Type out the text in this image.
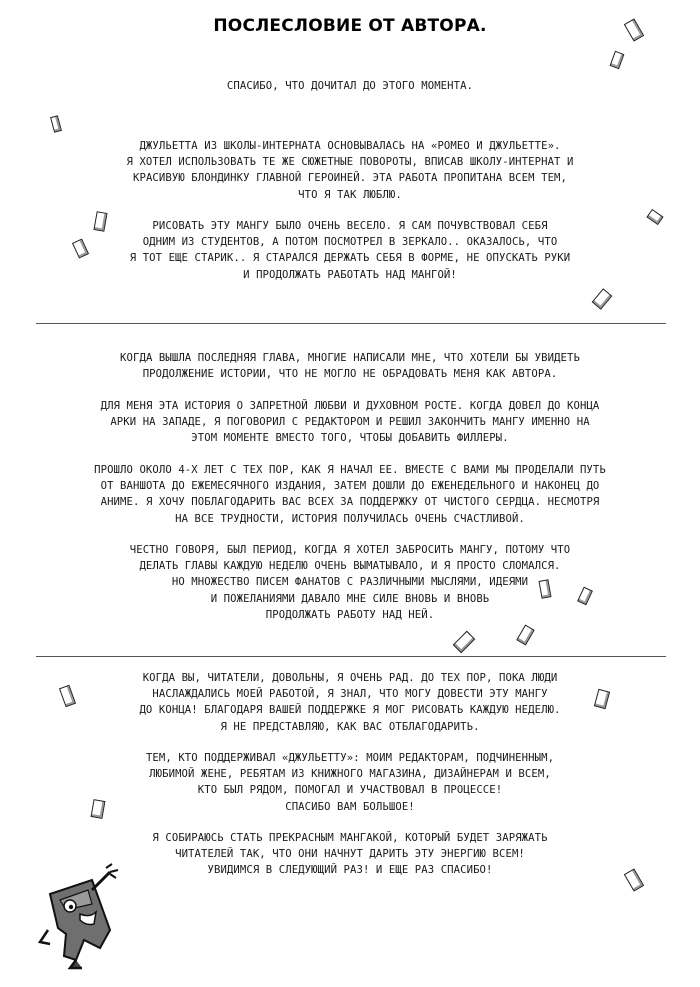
ПОСЛЕСЛОВИЕ ОТ АВТОРА.
СПАСИБО, ЧТО ДОЧИТАЛ ДО ЭТОГО МОМЕНТА.
ДЖУЛЬЕТТА ИЗ ШКОЛЫ-ИНТЕРНАТА ОСНОВЫВАЛАСЬ НА «РОМЕО И ДЖУЛЬЕТТЕ».
Я ХОТЕЛ ИСПОЛЬЗОВАТЬ ТЕ ЖЕ СЮЖЕТНЫЕ ПОВОРОТЫ, ВПИСАВ ШКОЛУ-ИНТЕРНАТ И
КРАСИВУЮ БЛОНДИНКУ ГЛАВНОЙ ГЕРОИНЕЙ. ЭТА РАБОТА ПРОПИТАНА ВСЕМ ТЕМ,
ЧТО Я ТАК ЛЮБЛЮ.
РИСОВАТЬ ЭТУ МАНГУ БЫЛО ОЧЕНЬ ВЕСЕЛО. Я САМ ПОЧУВСТВОВАЛ СЕБЯ
ОДНИМ ИЗ СТУДЕНТОВ, А ПОТОМ ПОСМОТРЕЛ В ЗЕРКАЛО.. ОКАЗАЛОСЬ, ЧТО
Я ТОТ ЕЩЕ СТАРИК.. Я СТАРАЛСЯ ДЕРЖАТЬ СЕБЯ В ФОРМЕ, НЕ ОПУСКАТЬ РУКИ
И ПРОДОЛЖАТЬ РАБОТАТЬ НАД МАНГОЙ!
КОГДА ВЫШЛА ПОСЛЕДНЯЯ ГЛАВА, МНОГИЕ НАПИСАЛИ МНЕ, ЧТО ХОТЕЛИ БЫ УВИДЕТЬ
ПРОДОЛЖЕНИЕ ИСТОРИИ, ЧТО НЕ МОГЛО НЕ ОБРАДОВАТЬ МЕНЯ КАК АВТОРА.
ДЛЯ МЕНЯ ЭТА ИСТОРИЯ О ЗАПРЕТНОЙ ЛЮБВИ И ДУХОВНОМ РОСТЕ. КОГДА ДОВЕЛ ДО КОНЦА
АРКИ НА ЗАПАДЕ, Я ПОГОВОРИЛ С РЕДАКТОРОМ И РЕШИЛ ЗАКОНЧИТЬ МАНГУ ИМЕННО НА
ЭТОМ МОМЕНТЕ ВМЕСТО ТОГО, ЧТОБЫ ДОБАВИТЬ ФИЛЛЕРЫ.
ПРОШЛО ОКОЛО 4-Х ЛЕТ С ТЕХ ПОР, КАК Я НАЧАЛ ЕЕ. ВМЕСТЕ С ВАМИ МЫ ПРОДЕЛАЛИ ПУТЬ
ОТ ВАНШОТА ДО ЕЖЕМЕСЯЧНОГО ИЗДАНИЯ, ЗАТЕМ ДОШЛИ ДО ЕЖЕНЕДЕЛЬНОГО И НАКОНЕЦ ДО
АНИМЕ. Я ХОЧУ ПОБЛАГОДАРИТЬ ВАС ВСЕХ ЗА ПОДДЕРЖКУ ОТ ЧИСТОГО СЕРДЦА. НЕСМОТРЯ
НА ВСЕ ТРУДНОСТИ, ИСТОРИЯ ПОЛУЧИЛАСЬ ОЧЕНЬ СЧАСТЛИВОЙ.
ЧЕСТНО ГОВОРЯ, БЫЛ ПЕРИОД, КОГДА Я ХОТЕЛ ЗАБРОСИТЬ МАНГУ, ПОТОМУ ЧТО
ДЕЛАТЬ ГЛАВЫ КАЖДУЮ НЕДЕЛЮ ОЧЕНЬ ВЫМАТЫВАЛО, И Я ПРОСТО СЛОМАЛСЯ.
НО МНОЖЕСТВО ПИСЕМ ФАНАТОВ С РАЗЛИЧНЫМИ МЫСЛЯМИ, ИДЕЯМИ
И ПОЖЕЛАНИЯМИ ДАВАЛО МНЕ СИЛЕ ВНОВЬ И ВНОВЬ
ПРОДОЛЖАТЬ РАБОТУ НАД НЕЙ.
КОГДА ВЫ, ЧИТАТЕЛИ, ДОВОЛЬНЫ, Я ОЧЕНЬ РАД. ДО ТЕХ ПОР, ПОКА ЛЮДИ
НАСЛАЖДАЛИСЬ МОЕЙ РАБОТОЙ, Я ЗНАЛ, ЧТО МОГУ ДОВЕСТИ ЭТУ МАНГУ
ДО КОНЦА! БЛАГОДАРЯ ВАШЕЙ ПОДДЕРЖКЕ Я МОГ РИСОВАТЬ КАЖДУЮ НЕДЕЛЮ.
Я НЕ ПРЕДСТАВЛЯЮ, КАК ВАС ОТБЛАГОДАРИТЬ.
ТЕМ, КТО ПОДДЕРЖИВАЛ «ДЖУЛЬЕТТУ»: МОИМ РЕДАКТОРАМ, ПОДЧИНЕННЫМ,
ЛЮБИМОЙ ЖЕНЕ, РЕБЯТАМ ИЗ КНИЖНОГО МАГАЗИНА, ДИЗАЙНЕРАМ И ВСЕМ,
КТО БЫЛ РЯДОМ, ПОМОГАЛ И УЧАСТВОВАЛ В ПРОЦЕССЕ!
СПАСИБО ВАМ БОЛЬШОЕ!
Я СОБИРАЮСЬ СТАТЬ ПРЕКРАСНЫМ МАНГАКОЙ, КОТОРЫЙ БУДЕТ ЗАРЯЖАТЬ
ЧИТАТЕЛЕЙ ТАК, ЧТО ОНИ НАЧНУТ ДАРИТЬ ЭТУ ЭНЕРГИЮ ВСЕМ!
УВИДИМСЯ В СЛЕДУЮЩИЙ РАЗ! И ЕЩЕ РАЗ СПАСИБО!
